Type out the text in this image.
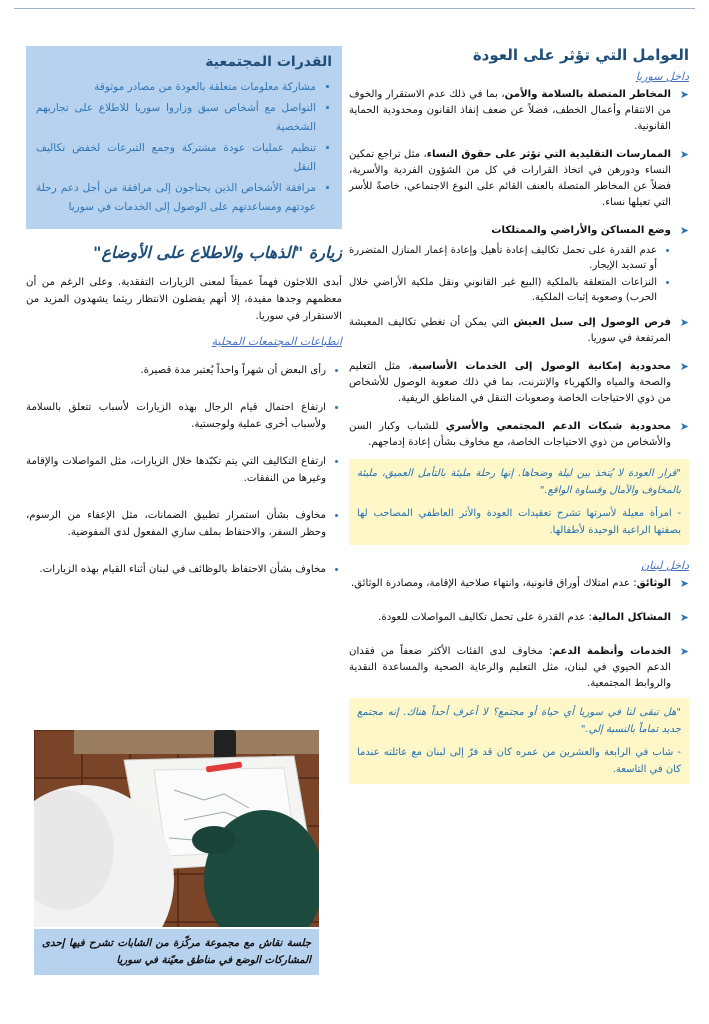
العوامل التي تؤثر على العودة
داخل سوريا
➤
المخاطر المتصلة بالسلامة والأمن، بما في ذلك عدم الاستقرار والخوف من الانتقام وأعمال الخطف، فضلاً عن ضعف إنفاذ القانون ومحدودية الحماية القانونية.
➤
الممارسات التقليدية التي تؤثر على حقوق النساء، مثل تراجع تمكين النساء ودورهن في اتخاذ القرارات في كل من الشؤون الفردية والأسرية، فضلاً عن المخاطر المتصلة بالعنف القائم على النوع الاجتماعي، خاصةً للأسر التي تعيلها نساء.
➤
وضع المساكن والأراضي والممتلكات
• عدم القدرة على تحمل تكاليف إعادة تأهيل وإعادة إعمار المنازل المتضررة أو تسديد الإيجار.
• النزاعات المتعلقة بالملكية (البيع غير القانوني ونقل ملكية الأراضي خلال الحرب) وصعوبة إثبات الملكية.
➤
فرص الوصول إلى سبل العيش التي يمكن أن تغطي تكاليف المعيشة المرتفعة في سوريا.
➤
محدودية إمكانية الوصول إلى الخدمات الأساسية، مثل التعليم والصحة والمياه والكهرباء والإنترنت، بما في ذلك صعوبة الوصول للأشخاص من ذوي الاحتياجات الخاصة وصعوبات التنقل في المناطق الريفية.
➤
محدودية شبكات الدعم المجتمعي والأسري للشباب وكبار السن والأشخاص من ذوي الاحتياجات الخاصة، مع مخاوف بشأن إعادة إدماجهم.
"قرار العودة لا يُتخذ بين ليلة وضحاها. إنها رحلة مليئة بالتأمل العميق، مليئة بالمخاوف والآمال وقساوة الواقع."
- امرأة معيلة لأسرتها تشرح تعقيدات العودة والأثر العاطفي المصاحب لها بصفتها الراعية الوحيدة لأطفالها.
داخل لبنان
➤
الوثائق: عدم امتلاك أوراق قانونية، وانتهاء صلاحية الإقامة، ومصادرة الوثائق.
➤
المشاكل المالية: عدم القدرة على تحمل تكاليف المواصلات للعودة.
➤
الخدمات وأنظمة الدعم: مخاوف لدى الفئات الأكثر ضعفاً من فقدان الدعم الحيوي في لبنان، مثل التعليم والرعاية الصحية والمساعدة النقدية والروابط المجتمعية.
"هل تبقى لنا في سوريا أي حياة أو مجتمع؟ لا أعرف أحداً هناك. إنه مجتمع جديد تماماً بالنسبة إلي."
- شاب في الرابعة والعشرين من عمره كان قد فرّ إلى لبنان مع عائلته عندما كان في التاسعة.
القدرات المجتمعية
• مشاركة معلومات متعلقة بالعودة من مصادر موثوقة
• التواصل مع أشخاص سبق وزاروا سوريا للاطلاع على تجاربهم الشخصية
• تنظيم عمليات عودة مشتركة وجمع التبرعات لخفض تكاليف النقل
• مرافقة الأشخاص الذين يحتاجون إلى مرافقة من أجل دعم رحلة عودتهم ومساعدتهم على الوصول إلى الخدمات في سوريا
زيارة "الذهاب والاطلاع على الأوضاع"
أبدى اللاجئون فهماً عميقاً لمعنى الزيارات التفقدية. وعلى الرغم من أن معظمهم وجدها مفيدة، إلا أنهم يفضلون الانتظار ريثما يشهدون المزيد من الاستقرار في سوريا.
انطباعات المجتمعات المحلية
• رأى البعض أن شهراً واحداً يُعتبر مدة قصيرة.
• ارتفاع احتمال قيام الرجال بهذه الزيارات لأسباب تتعلق بالسلامة ولأسباب أخرى عملية ولوجستية.
• ارتفاع التكاليف التي يتم تكبّدها خلال الزيارات، مثل المواصلات والإقامة وغيرها من النفقات.
• مخاوف بشأن استمرار تطبيق الضمانات، مثل الإعفاء من الرسوم، وحظر السفر، والاحتفاظ بملف ساري المفعول لدى المفوضية.
• مخاوف بشأن الاحتفاظ بالوظائف في لبنان أثناء القيام بهذه الزيارات.
جلسة نقاش مع مجموعة مركّزة من الشابات تشرح فيها إحدى المشاركات الوضع في مناطق معيّنة في سوريا
